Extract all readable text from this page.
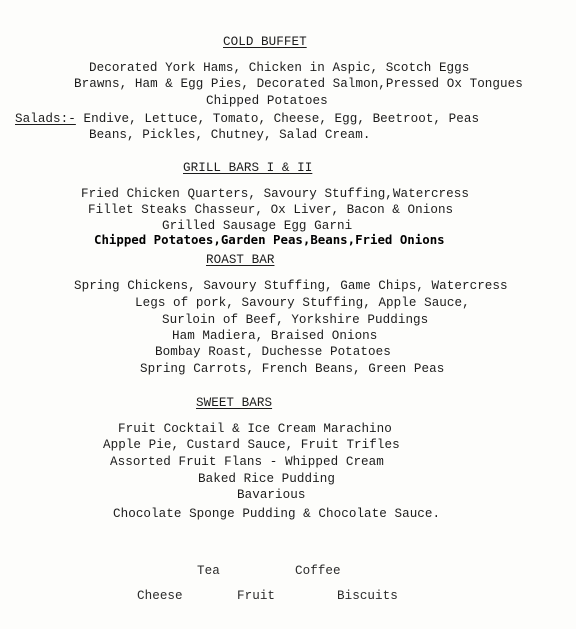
COLD BUFFET
Decorated York Hams, Chicken in Aspic, Scotch Eggs
Brawns, Ham & Egg Pies, Decorated Salmon,Pressed Ox Tongues
Chipped Potatoes
Salads:- Endive, Lettuce, Tomato, Cheese, Egg, Beetroot, Peas
Beans, Pickles, Chutney, Salad Cream.
GRILL BARS I & II
Fried Chicken Quarters, Savoury Stuffing,Watercress
Fillet Steaks Chasseur, Ox Liver, Bacon & Onions
Grilled Sausage Egg Garni
Chipped Potatoes,Garden Peas,Beans,Fried Onions
ROAST BAR
Spring Chickens, Savoury Stuffing, Game Chips, Watercress
Legs of pork, Savoury Stuffing, Apple Sauce,
Surloin of Beef, Yorkshire Puddings
Ham Madiera, Braised Onions
Bombay Roast, Duchesse Potatoes
Spring Carrots, French Beans, Green Peas
SWEET BARS
Fruit Cocktail & Ice Cream Marachino
Apple Pie, Custard Sauce, Fruit Trifles
Assorted Fruit Flans - Whipped Cream
Baked Rice Pudding
Bavarious
Chocolate Sponge Pudding & Chocolate Sauce.
Tea	Coffee
Cheese	Fruit	Biscuits
